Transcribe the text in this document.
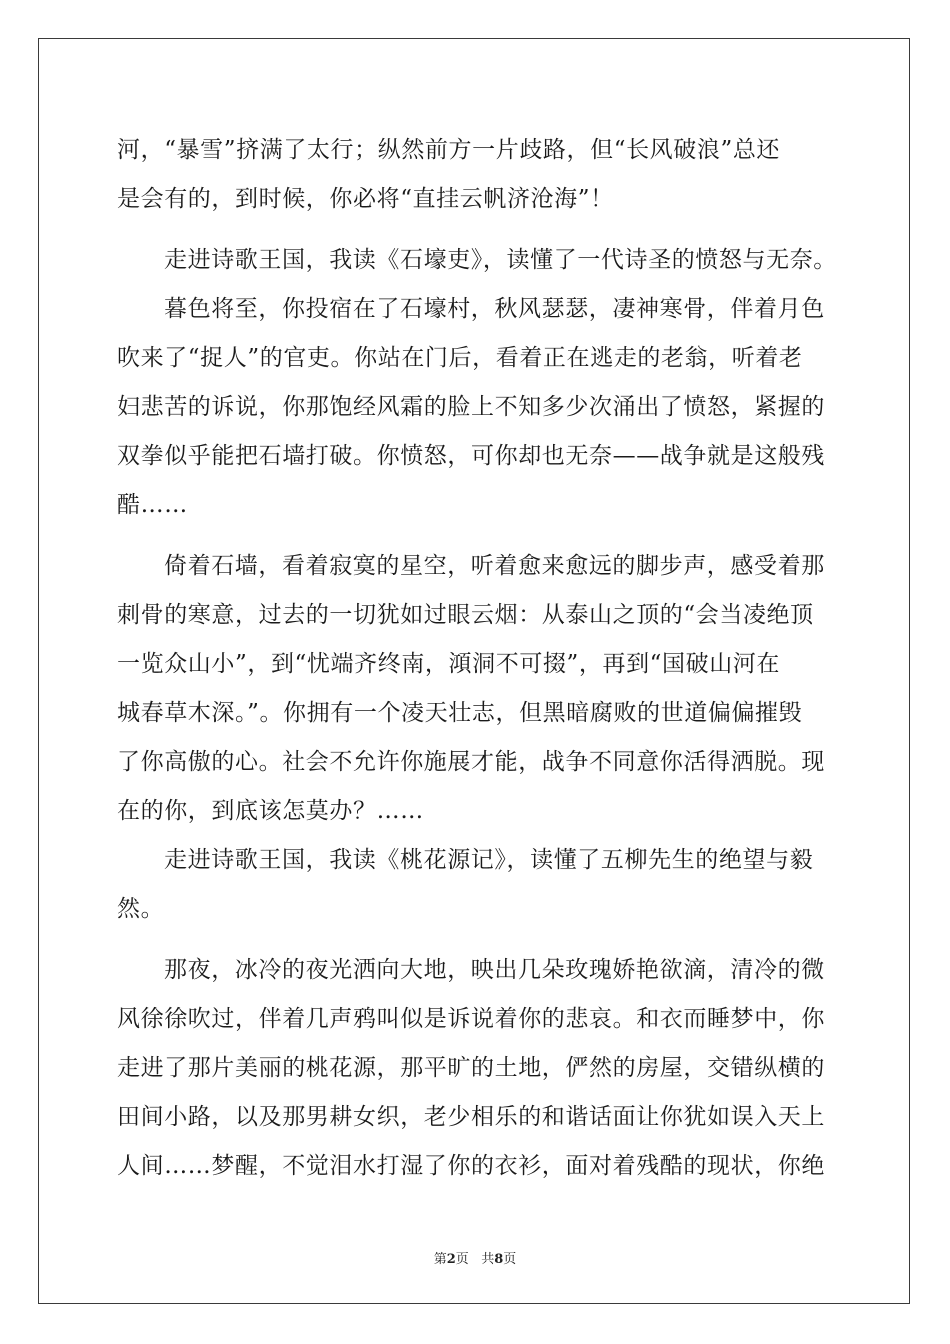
河，“暴雪”挤满了太行；纵然前方一片歧路，但“长风破浪”总还
是会有的，到时候，你必将“直挂云帆济沧海”！
走进诗歌王国，我读《石壕吏》，读懂了一代诗圣的愤怒与无奈。
暮色将至，你投宿在了石壕村，秋风瑟瑟，凄神寒骨，伴着月色
吹来了“捉人”的官吏。你站在门后，看着正在逃走的老翁，听着老
妇悲苦的诉说，你那饱经风霜的脸上不知多少次涌出了愤怒，紧握的
双拳似乎能把石墙打破。你愤怒，可你却也无奈——战争就是这般残
酷……
倚着石墙，看着寂寞的星空，听着愈来愈远的脚步声，感受着那
刺骨的寒意，过去的一切犹如过眼云烟：从泰山之顶的“会当凌绝顶
一览众山小”，到“忧端齐终南，澒洞不可掇”，再到“国破山河在
城春草木深。”。你拥有一个凌天壮志，但黑暗腐败的世道偏偏摧毁
了你高傲的心。社会不允许你施展才能，战争不同意你活得洒脱。现
在的你，到底该怎莫办？……
走进诗歌王国，我读《桃花源记》，读懂了五柳先生的绝望与毅
然。
那夜，冰冷的夜光洒向大地，映出几朵玫瑰娇艳欲滴，清冷的微
风徐徐吹过，伴着几声鸦叫似是诉说着你的悲哀。和衣而睡梦中，你
走进了那片美丽的桃花源，那平旷的土地，俨然的房屋，交错纵横的
田间小路，以及那男耕女织，老少相乐的和谐话面让你犹如误入天上
人间……梦醒，不觉泪水打湿了你的衣衫，面对着残酷的现状，你绝
第2页 共8页
